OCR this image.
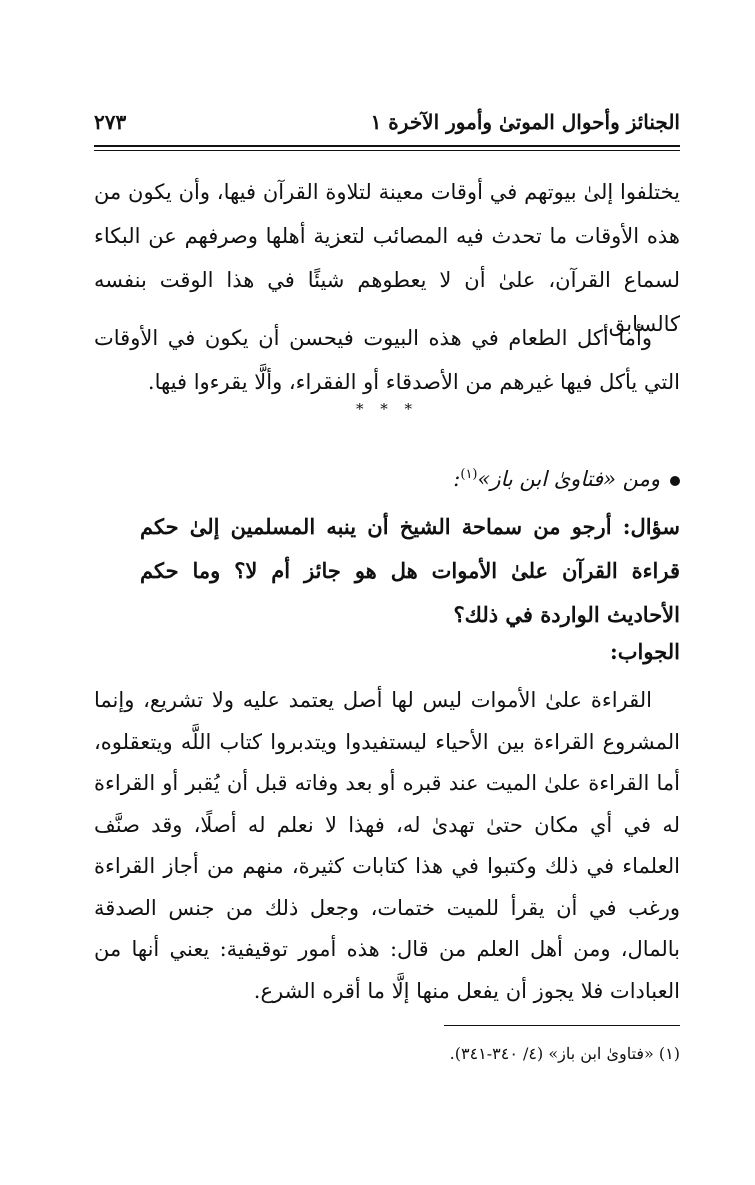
الجنائز وأحوال الموتىٰ وأمور الآخرة ١
٢٧٣
يختلفوا إلىٰ بيوتهم في أوقات معينة لتلاوة القرآن فيها، وأن يكون من هذه الأوقات ما تحدث فيه المصائب لتعزية أهلها وصرفهم عن البكاء لسماع القرآن، علىٰ أن لا يعطوهم شيئًا في هذا الوقت بنفسه كالسابق.
وأما أكل الطعام في هذه البيوت فيحسن أن يكون في الأوقات التي يأكل فيها غيرهم من الأصدقاء أو الفقراء، وألَّا يقرءوا فيها.
* * *
ومن «فتاوىٰ ابن باز»$^{(١)}$:
سؤال: أرجو من سماحة الشيخ أن ينبه المسلمين إلىٰ حكم قراءة القرآن علىٰ الأموات هل هو جائز أم لا؟ وما حكم الأحاديث الواردة في ذلك؟
الجواب:
القراءة علىٰ الأموات ليس لها أصل يعتمد عليه ولا تشريع، وإنما المشروع القراءة بين الأحياء ليستفيدوا ويتدبروا كتاب اللَّه ويتعقلوه، أما القراءة علىٰ الميت عند قبره أو بعد وفاته قبل أن يُقبر أو القراءة له في أي مكان حتىٰ تهدىٰ له، فهذا لا نعلم له أصلًا، وقد صنَّف العلماء في ذلك وكتبوا في هذا كتابات كثيرة، منهم من أجاز القراءة ورغب في أن يقرأ للميت ختمات، وجعل ذلك من جنس الصدقة بالمال، ومن أهل العلم من قال: هذه أمور توقيفية: يعني أنها من العبادات فلا يجوز أن يفعل منها إلَّا ما أقره الشرع.
(١) «فتاوىٰ ابن باز» (٤/ ٣٤٠-٣٤١).
